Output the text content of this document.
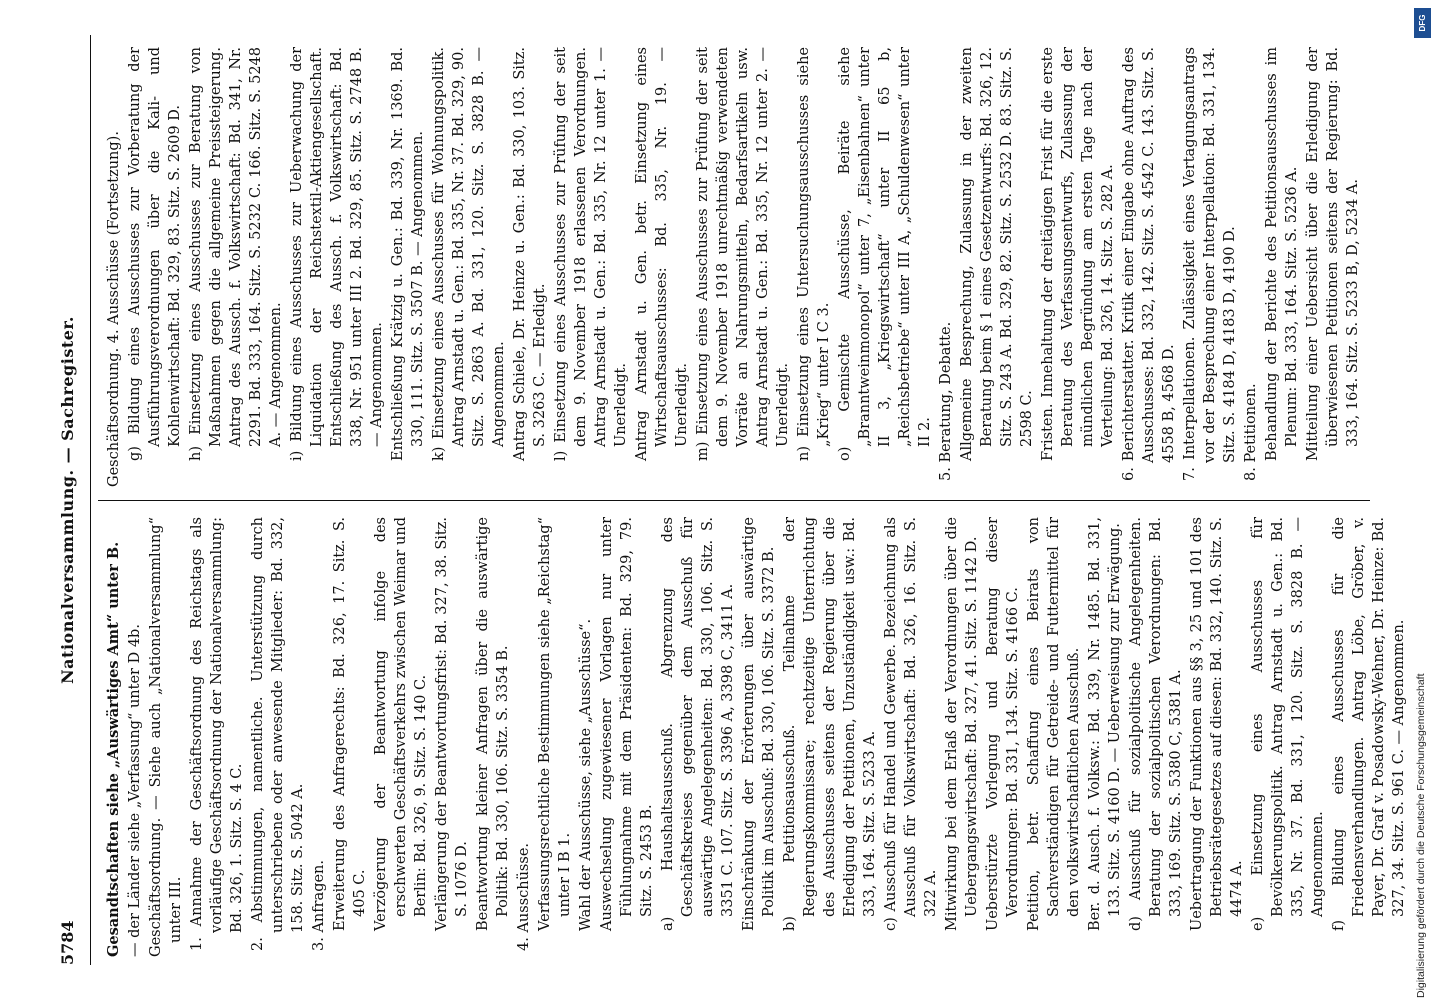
5784
Nationalversammlung. — Sachregister.

Gesandtschaften siehe „Auswärtiges Amt“ unter B. — der Länder siehe „Verfassung“ unter D 4b. Geschäftsordnung. — Siehe auch „Nationalversammlung“ unter III. 1. Annahme der Geschäftsordnung des Reichstags als vorläufige Geschäftsordnung der Nationalversammlung: Bd. 326, 1. Sitz. S. 4 C. 2. Abstimmungen, namentliche. Unterstützung durch unterschriebene oder anwesende Mitglieder: Bd. 332, 158. Sitz. S. 5042 A. 3. Anfragen. Erweiterung des Anfragerechts: Bd. 326, 17. Sitz. S. 405 C. Verzögerung der Beantwortung infolge des erschwerten Geschäftsverkehrs zwischen Weimar und Berlin: Bd. 326, 9. Sitz. S. 140 C. Verlängerung der Beantwortungsfrist: Bd. 327, 38. Sitz. S. 1076 D. Beantwortung kleiner Anfragen über die auswärtige Politik: Bd. 330, 106. Sitz. S. 3354 B. 4. Ausschüsse. Verfassungsrechtliche Bestimmungen siehe „Reichstag“ unter I B 1. Wahl der Ausschüsse, siehe „Ausschüsse“. Auswechselung zugewiesener Vorlagen nur unter Fühlungnahme mit dem Präsidenten: Bd. 329, 79. Sitz. S. 2453 B. a) Haushaltsausschuß. Abgrenzung des Geschäftskreises gegenüber dem Ausschuß für auswärtige Angelegenheiten: Bd. 330, 106. Sitz. S. 3351 C. 107. Sitz. S. 3396 A, 3398 C, 3411 A. Einschränkung der Erörterungen über auswärtige Politik im Ausschuß: Bd. 330, 106. Sitz. S. 3372 B. b) Petitionsausschuß. Teilnahme der Regierungskommissare; rechtzeitige Unterrichtung des Ausschusses seitens der Regierung über die Erledigung der Petitionen, Unzuständigkeit usw.: Bd. 333, 164. Sitz. S. 5233 A. c) Ausschuß für Handel und Gewerbe. Bezeichnung als Ausschuß für Volkswirtschaft: Bd. 326, 16. Sitz. S. 322 A. Mitwirkung bei dem Erlaß der Verordnungen über die Uebergangswirtschaft: Bd. 327, 41. Sitz. S. 1142 D. Ueberstürzte Vorlegung und Beratung dieser Verordnungen: Bd. 331, 134. Sitz. S. 4166 C. Petition, betr. Schaffung eines Beirats von Sachverständigen für Getreide- und Futtermittel für den volkswirtschaftlichen Ausschuß. Ber. d. Ausch. f. Volksw.: Bd. 339, Nr. 1485. Bd. 331, 133. Sitz. S. 4160 D. — Ueberweisung zur Erwägung. d) Ausschuß für sozialpolitische Angelegenheiten. Beratung der sozialpolitischen Verordnungen: Bd. 333, 169. Sitz. S. 5380 C, 5381 A. Uebertragung der Funktionen aus §§ 3, 25 und 101 des Betriebsrätegesetzes auf diesen: Bd. 332, 140. Sitz. S. 4474 A. e) Einsetzung eines Ausschusses für Bevölkerungspolitik. Antrag Arnstadt u. Gen.: Bd. 335, Nr. 37. Bd. 331, 120. Sitz. S. 3828 B. — Angenommen. f) Bildung eines Ausschusses für die Friedensverhandlungen. Antrag Löbe, Gröber, v. Payer, Dr. Graf v. Posadowsky-Wehner, Dr. Heinze: Bd. 327, 34. Sitz. S. 961 C. — Angenommen.

Geschäftsordnung. 4. Ausschüsse (Fortsetzung). g) Bildung eines Ausschusses zur Vorberatung der Ausführungsverordnungen über die Kali- und Kohlenwirtschaft: Bd. 329, 83. Sitz. S. 2609 D. h) Einsetzung eines Ausschusses zur Beratung von Maßnahmen gegen die allgemeine Preissteigerung. Antrag des Aussch. f. Volkswirtschaft: Bd. 341, Nr. 2291. Bd. 333, 164. Sitz. S. 5232 C. 166. Sitz. S. 5248 A. — Angenommen. i) Bildung eines Ausschusses zur Ueberwachung der Liquidation der Reichstextil-Aktiengesellschaft. Entschließung des Aussch. f. Volkswirtschaft: Bd. 338, Nr. 951 unter III 2. Bd. 329, 85. Sitz. S. 2748 B. — Angenommen. Entschließung Krätzig u. Gen.: Bd. 339, Nr. 1369. Bd. 330, 111. Sitz. S. 3507 B. — Angenommen. k) Einsetzung eines Ausschusses für Wohnungspolitik. Antrag Arnstadt u. Gen.: Bd. 335, Nr. 37. Bd. 329, 90. Sitz. S. 2863 A. Bd. 331, 120. Sitz. S. 3828 B. — Angenommen. Antrag Schiele, Dr. Heinze u. Gen.: Bd. 330, 103. Sitz. S. 3263 C. — Erledigt. l) Einsetzung eines Ausschusses zur Prüfung der seit dem 9. November 1918 erlassenen Verordnungen. Antrag Arnstadt u. Gen.: Bd. 335, Nr. 12 unter 1. — Unerledigt. Antrag Arnstadt u. Gen. betr. Einsetzung eines Wirtschaftsausschusses: Bd. 335, Nr. 19. — Unerledigt. m) Einsetzung eines Ausschusses zur Prüfung der seit dem 9. November 1918 unrechtmäßig verwendeten Vorräte an Nahrungsmitteln, Bedarfsartikeln usw. Antrag Arnstadt u. Gen.: Bd. 335, Nr. 12 unter 2. — Unerledigt. n) Einsetzung eines Untersuchungsausschusses siehe „Krieg“ unter I C 3. o) Gemischte Ausschüsse, Beiräte siehe „Branntweinmonopol“ unter 7, „Eisenbahnen“ unter II 3, „Kriegswirtschaft“ unter II 65 b, „Reichsbetriebe“ unter III A, „Schuldenwesen“ unter II 2. 5. Beratung, Debatte. Allgemeine Besprechung, Zulassung in der zweiten Beratung beim § 1 eines Gesetzentwurfs: Bd. 326, 12. Sitz. S. 243 A. Bd. 329, 82. Sitz. S. 2532 D. 83. Sitz. S. 2598 C. Fristen. Innehaltung der dreitägigen Frist für die erste Beratung des Verfassungsentwurfs, Zulassung der mündlichen Begründung am ersten Tage nach der Verteilung: Bd. 326, 14. Sitz. S. 282 A. 6. Berichterstatter. Kritik einer Eingabe ohne Auftrag des Ausschusses: Bd. 332, 142. Sitz. S. 4542 C. 143. Sitz. S. 4558 B, 4568 D. 7. Interpellationen. Zulässigkeit eines Vertagungsantrags vor der Besprechung einer Interpellation: Bd. 331, 134. Sitz. S. 4184 D, 4183 D, 4190 D. 8. Petitionen. Behandlung der Berichte des Petitionsausschusses im Plenum: Bd. 333, 164. Sitz. S. 5236 A. Mitteilung einer Uebersicht über die Erledigung der überwiesenen Petitionen seitens der Regierung: Bd. 333, 164. Sitz. S. 5233 B, D, 5234 A.

DFG
Digitalisierung gefördert durch die Deutsche Forschungsgemeinschaft
